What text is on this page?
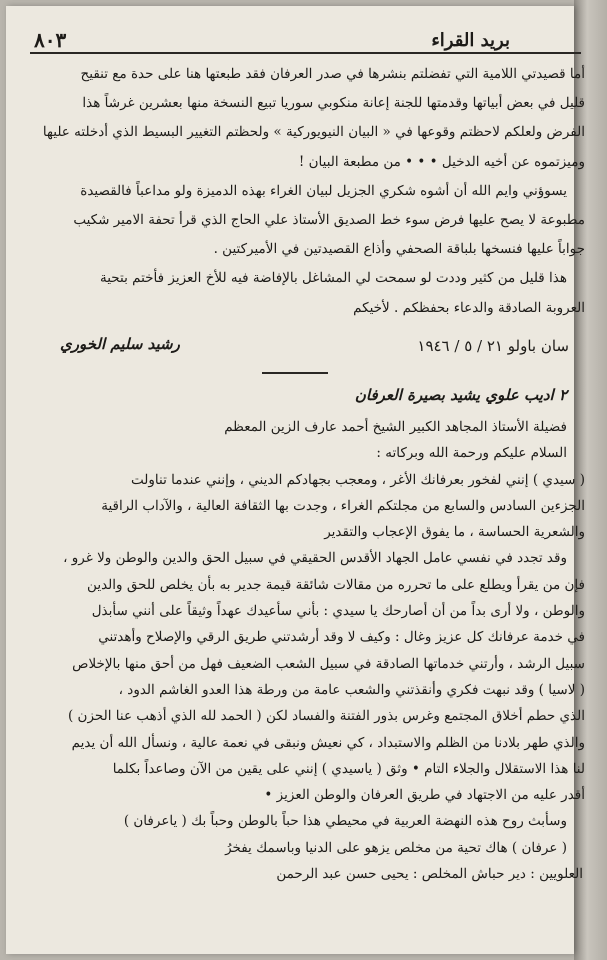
بريد القراء
٨٠٣
أما قصيدتي اللامية التي تفضلتم بنشرها في صدر العرفان فقد طبعتها هنا على حدة مع تنقيح
قليل في بعض أبياتها وقدمتها للجنة إعانة منكوبي سوريا تبيع النسخة منها بعشرين غرشاً هذا
الفرض ولعلكم لاحظتم وقوعها في « البيان النيويوركية » ولحظتم التغيير البسيط الذي أدخلته عليها
وميزتموه عن أخيه الدخيل • • • من مطبعة البيان !
يسوؤني وايم الله أن أشوه شكري الجزيل لبيان الغراء بهذه الدميزة ولو مداعباً فالقصيدة
مطبوعة لا يصح عليها فرض سوء خط الصديق الأستاذ علي الحاج الذي قرأ تحفة الامير شكيب
جواباً عليها فنسخها بلباقة الصحفي وأذاع القصيدتين في الأميركتين .
هذا قليل من كثير وددت لو سمحت لي المشاغل بالإفاضة فيه للأخ العزيز فأختم بتحية
العروبة الصادقة والدعاء بحفظكم . لأخيكم
سان باولو ٢١ / ٥ / ١٩٤٦
رشيد سليم الخوري
٢ اديب علوي يشيد بصيرة العرفان
فضيلة الأستاذ المجاهد الكبير الشيخ أحمد عارف الزين المعظم
السلام عليكم ورحمة الله وبركاته :
( سيدي ) إنني لفخور بعرفانك الأغر ، ومعجب بجهادكم الديني ، وإنني عندما تناولت
الجزءين السادس والسابع من مجلتكم الغراء ، وجدت بها الثقافة العالية ، والآداب الراقية
والشعرية الحساسة ، ما يفوق الإعجاب والتقدير
وقد تجدد في نفسي عامل الجهاد الأقدس الحقيقي في سبيل الحق والدين والوطن ولا غرو ،
فإن من يقرأ ويطلع على ما تحرره من مقالات شائقة قيمة جدير به بأن يخلص للحق والدين
والوطن ، ولا أرى بداً من أن أصارحك يا سيدي : بأني سأعيدك عهداً وثيقاً على أنني سأبذل
في خدمة عرفانك كل عزيز وغال : وكيف لا وقد أرشدتني طريق الرقي والإصلاح وأهدتني
سبيل الرشد ، وأرتني خدماتها الصادقة في سبيل الشعب الضعيف فهل من أحق منها بالإخلاص
( لاسيا ) وقد نبهت فكري وأنقذتني والشعب عامة من ورطة هذا العدو الغاشم الدود ،
الذي حطم أخلاق المجتمع وغرس بذور الفتنة والفساد لكن ( الحمد لله الذي أذهب عنا الحزن )
والذي طهر بلادنا من الظلم والاستبداد ، كي نعيش ونبقى في نعمة عالية ، ونسأل الله أن يديم
لنا هذا الاستقلال والجلاء التام • وثق ( ياسيدي ) إنني على يقين من الآن وصاعداً بكلما
أقدر عليه من الاجتهاد في طريق العرفان والوطن العزيز •
وسأبث روح هذه النهضة العربية في محيطي هذا حباً بالوطن وحباً بك ( ياعرفان )
( عرفان ) هاك تحية من مخلص يزهو على الدنيا وباسمك يفخرُ
العلويين : دير حباش المخلص : يحيى حسن عبد الرحمن
